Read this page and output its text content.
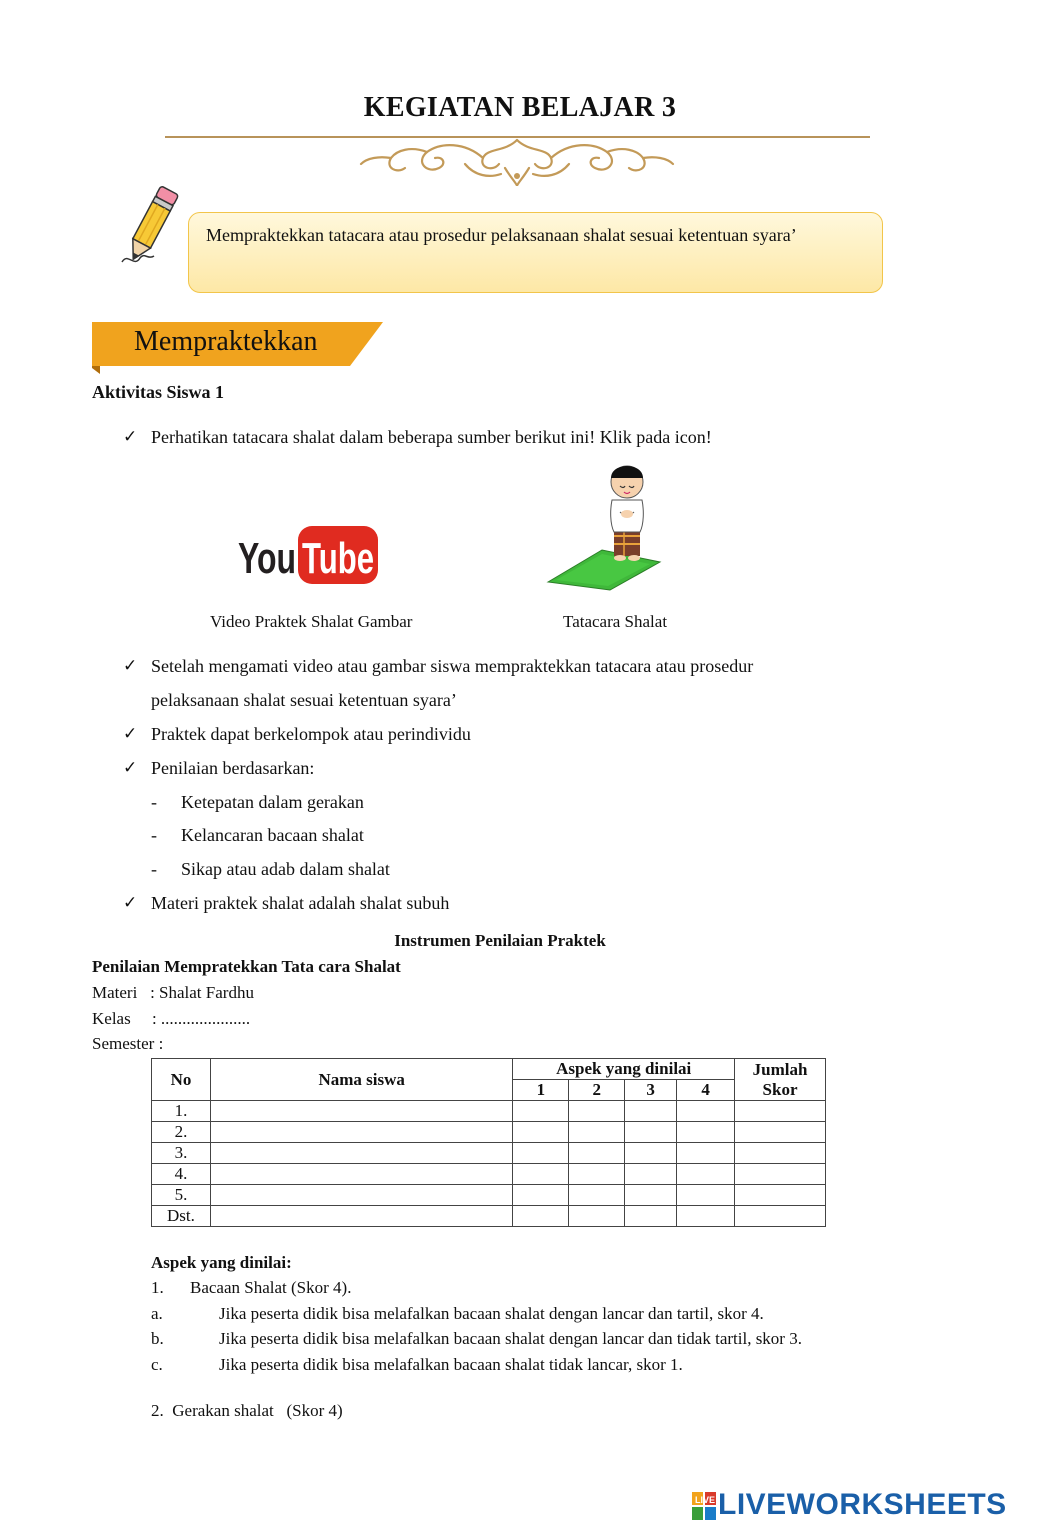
KEGIATAN BELAJAR 3
Mempraktekkan tatacara atau prosedur pelaksanaan shalat sesuai ketentuan syara’
Mempraktekkan
Aktivitas Siswa 1
✓ Perhatikan tatacara shalat dalam beberapa sumber berikut ini! Klik pada icon!
You Tube
Video Praktek Shalat Gambar	Tatacara Shalat
✓ Setelah mengamati video atau gambar siswa mempraktekkan tatacara atau prosedur
pelaksanaan shalat sesuai ketentuan syara’
✓ Praktek dapat berkelompok atau perindividu
✓ Penilaian berdasarkan:
- Ketepatan dalam gerakan
- Kelancaran bacaan shalat
- Sikap atau adab dalam shalat
✓ Materi praktek shalat adalah shalat subuh
Instrumen Penilaian Praktek
Penilaian Mempratekkan Tata cara Shalat
Materi   : Shalat Fardhu
Kelas     : .....................
Semester :
No	Nama siswa	Aspek yang dinilai				Jumlah
Skor

		1	2	3	4	
1.						
2.						
3.						
4.						
5.						
Dst.						
Aspek yang dinilai:
1. Bacaan Shalat (Skor 4).
a.	Jika peserta didik bisa melafalkan bacaan shalat dengan lancar dan tartil, skor 4.
b.	Jika peserta didik bisa melafalkan bacaan shalat dengan lancar dan tidak tartil, skor 3.
c.	Jika peserta didik bisa melafalkan bacaan shalat tidak lancar, skor 1.
2.  Gerakan shalat   (Skor 4)
LIVE LIVEWORKSHEETS
